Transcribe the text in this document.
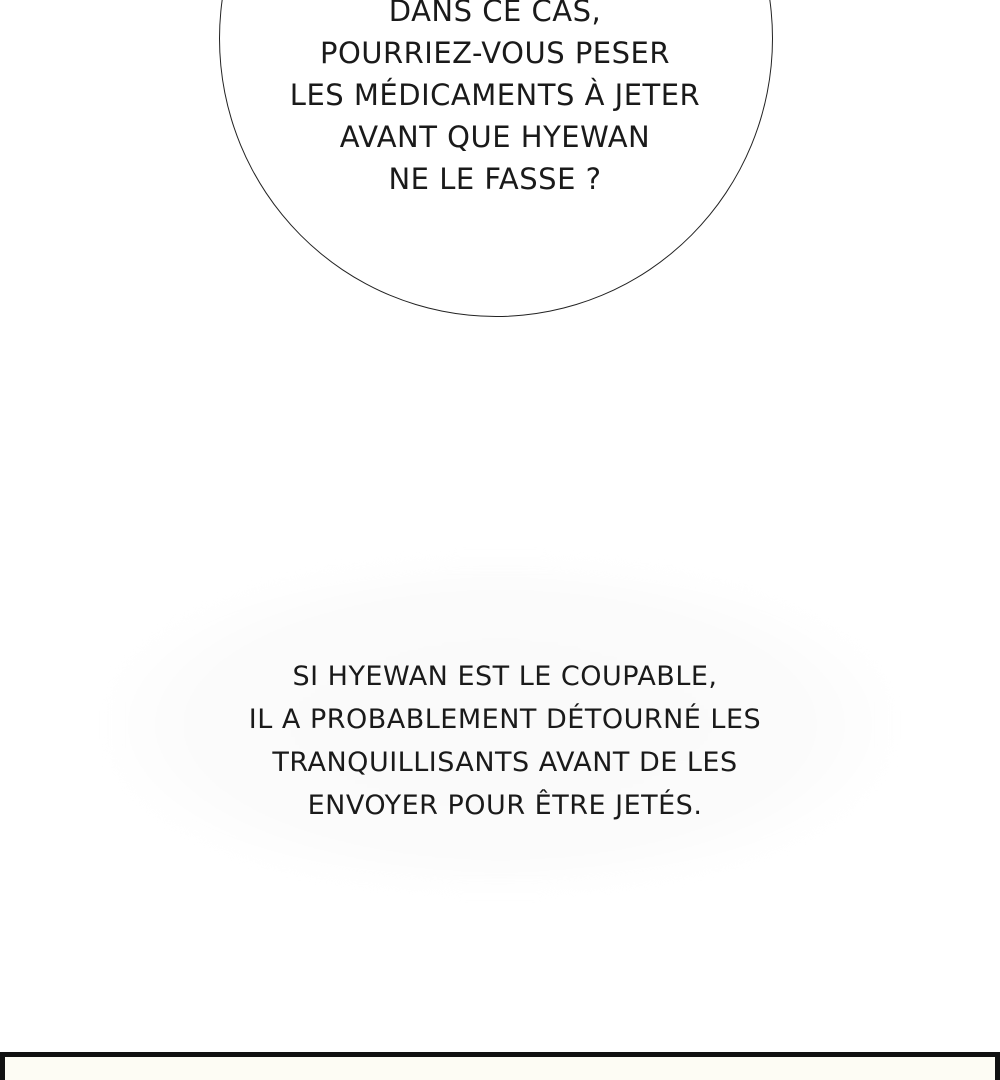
DANS CE CAS,
POURRIEZ-VOUS PESER
LES MÉDICAMENTS À JETER
AVANT QUE HYEWAN
NE LE FASSE ?

SI HYEWAN EST LE COUPABLE,
IL A PROBABLEMENT DÉTOURNÉ LES
TRANQUILLISANTS AVANT DE LES
ENVOYER POUR ÊTRE JETÉS.
